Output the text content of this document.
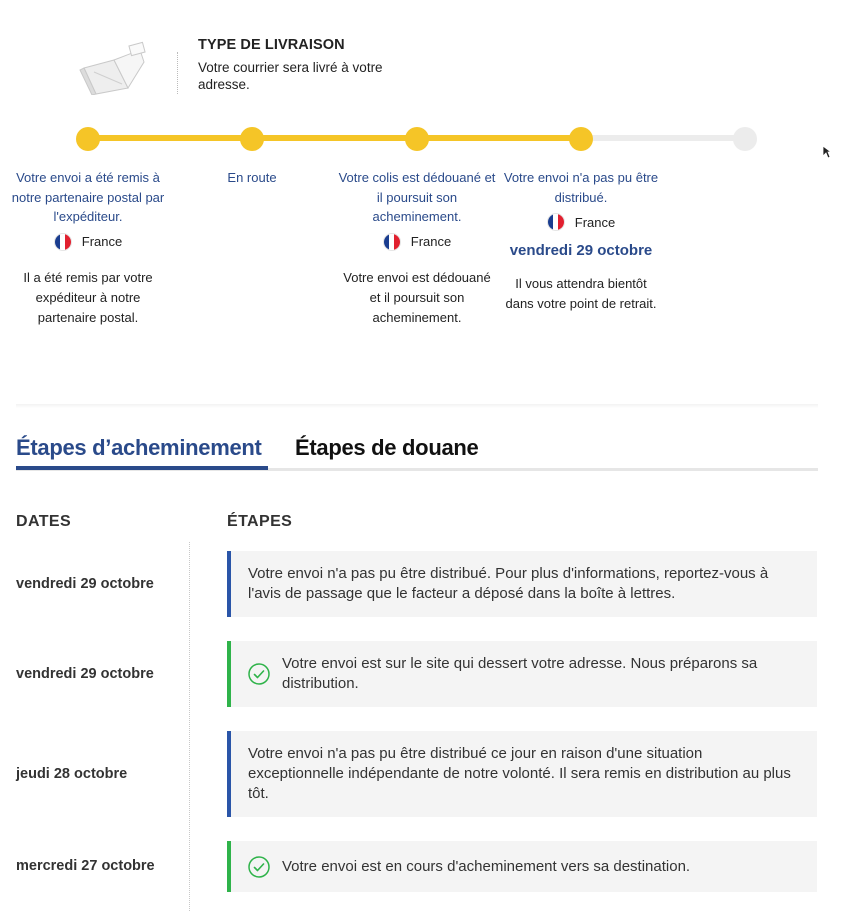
TYPE DE LIVRAISON
Votre courrier sera livré à votre adresse.
Votre envoi a été remis à notre partenaire postal par l'expéditeur.
France
Il a été remis par votre expéditeur à notre partenaire postal.
En route	Votre colis est dédouané et il poursuit son acheminement.
France
Votre envoi est dédouané et il poursuit son acheminement.
Votre envoi n'a pas pu être distribué.
France
vendredi 29 octobre
Il vous attendra bientôt dans votre point de retrait.
Étapes d’acheminement Étapes de douane
DATES	ÉTAPES
vendredi 29 octobre
Votre envoi n'a pas pu être distribué. Pour plus d'informations, reportez-vous à l'avis de passage que le facteur a déposé dans la boîte à lettres.
vendredi 29 octobre
Votre envoi est sur le site qui dessert votre adresse. Nous préparons sa distribution.
jeudi 28 octobre
Votre envoi n'a pas pu être distribué ce jour en raison d'une situation exceptionnelle indépendante de notre volonté. Il sera remis en distribution au plus tôt.
mercredi 27 octobre	Votre envoi est en cours d'acheminement vers sa destination.
